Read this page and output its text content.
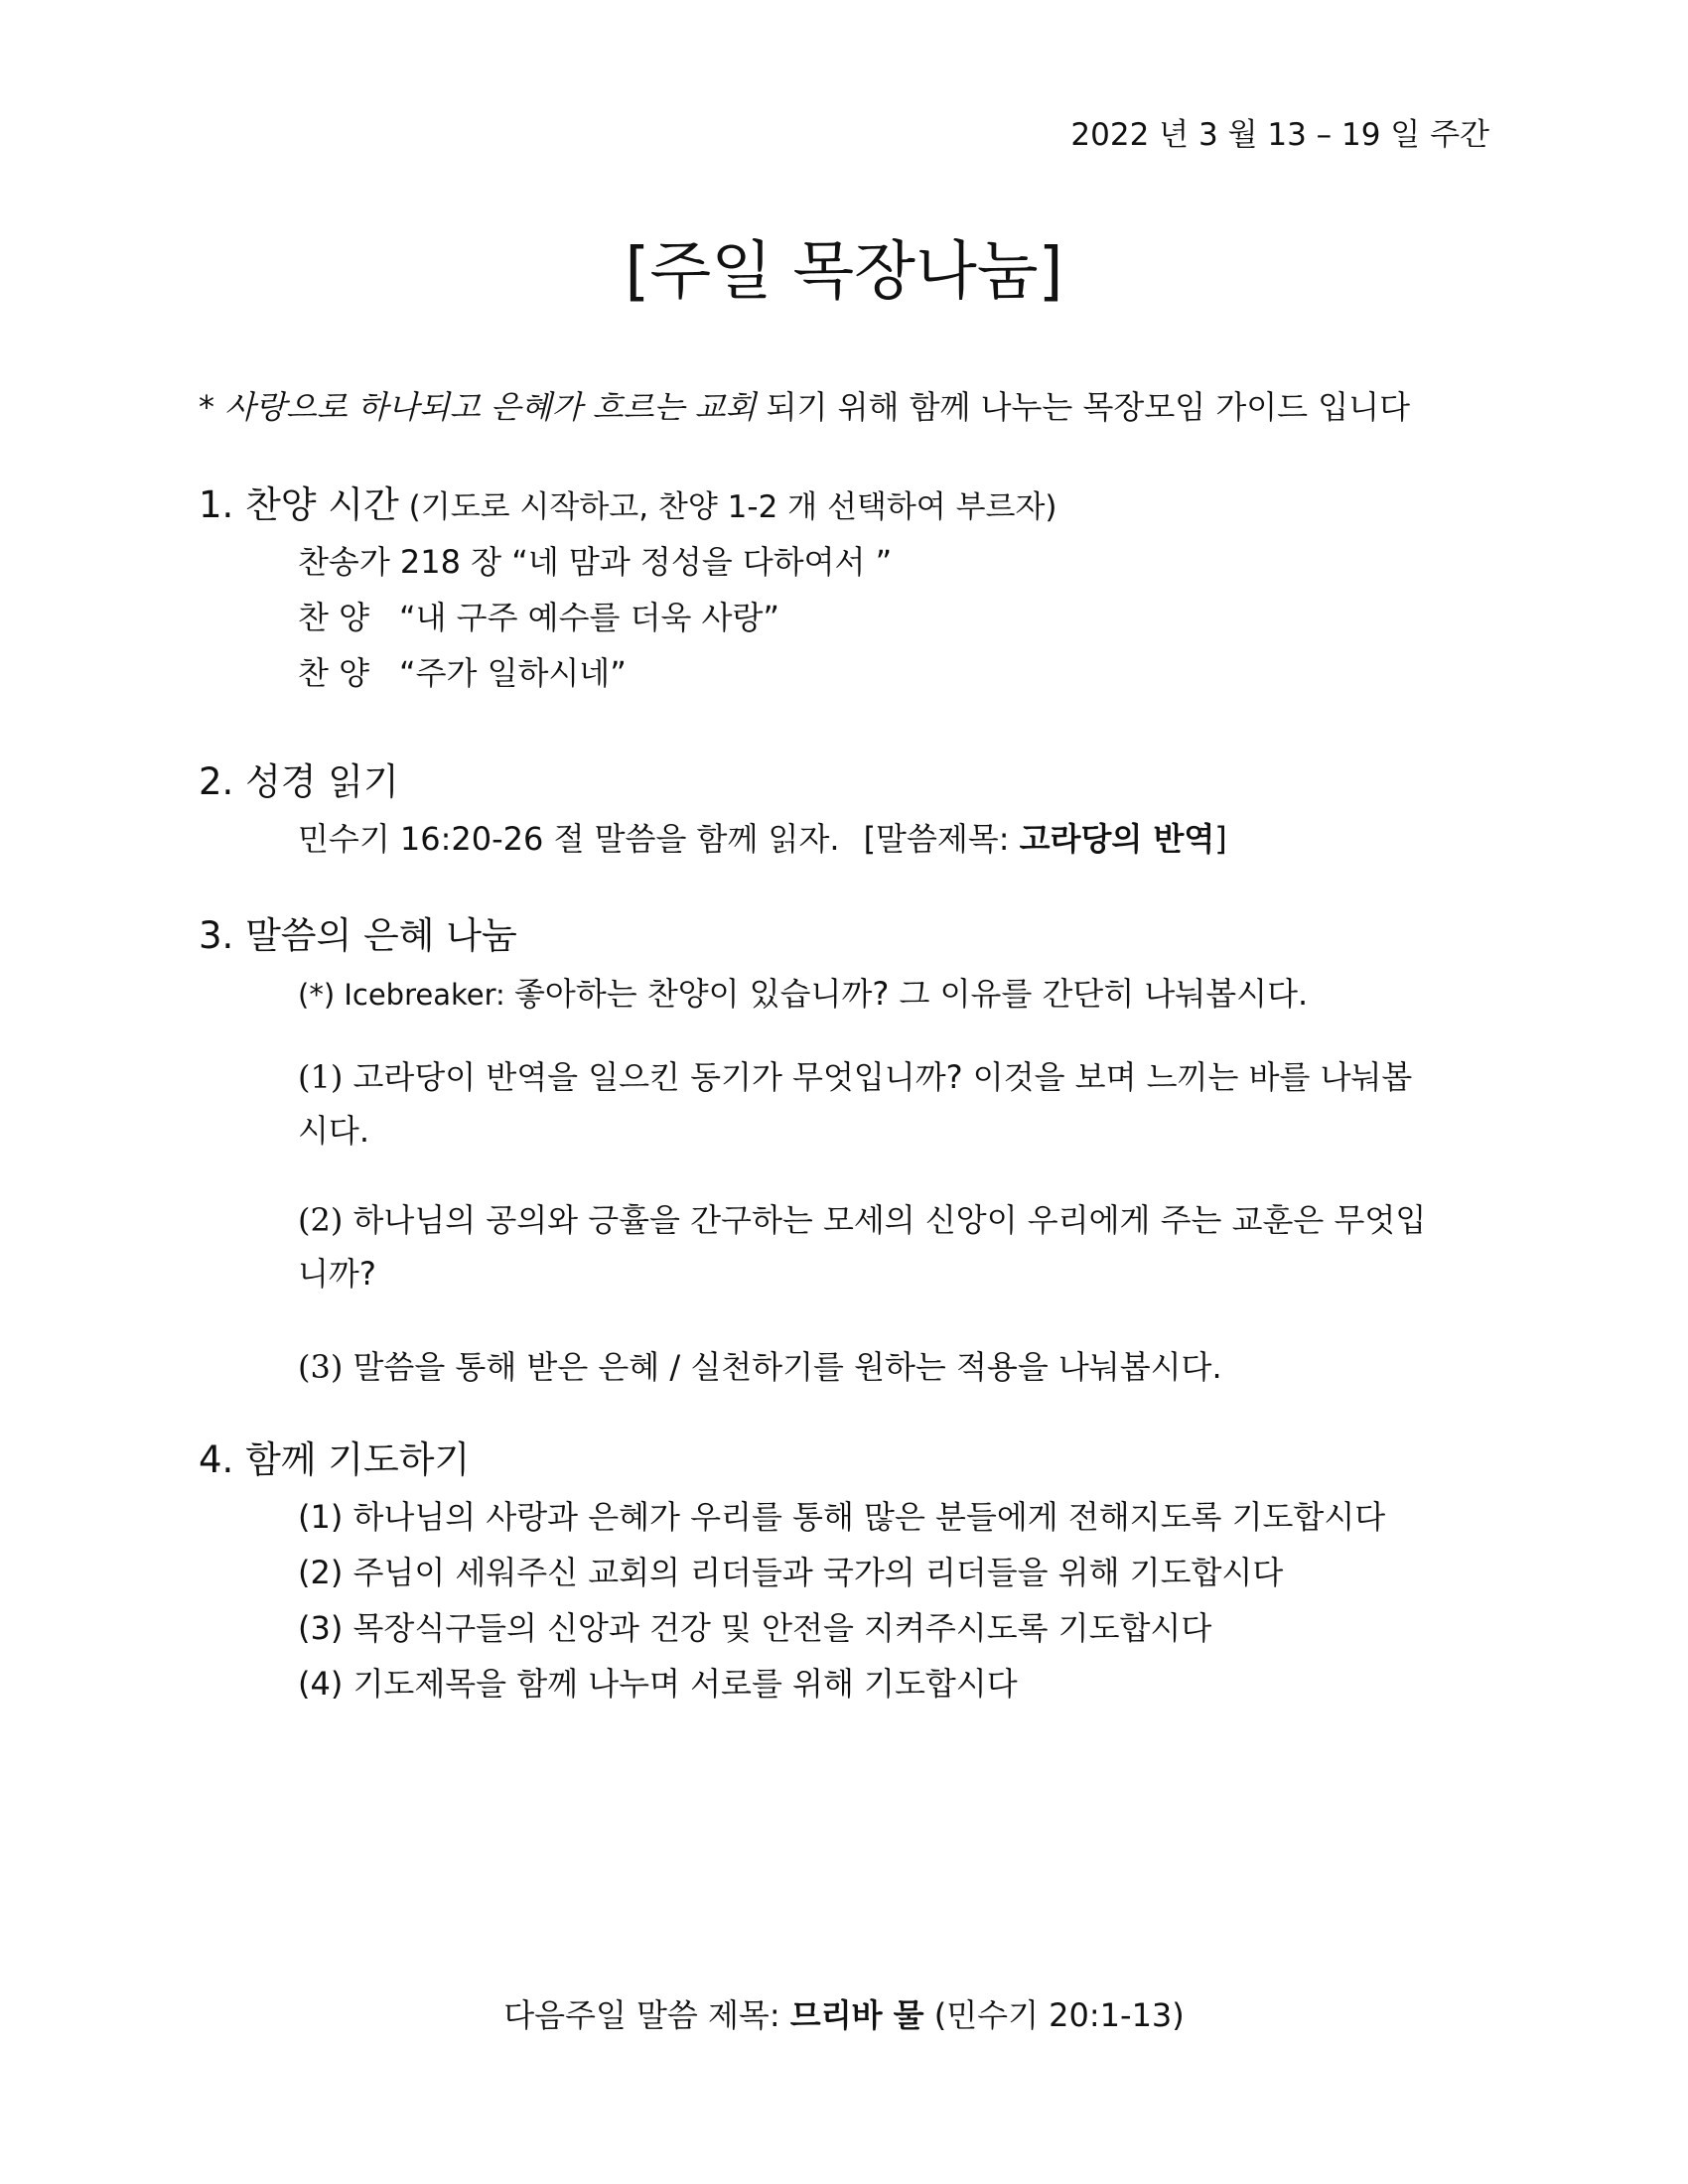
2022 년 3 월 13 – 19 일 주간
[주일 목장나눔]
* 사랑으로 하나되고 은혜가 흐르는 교회 되기 위해 함께 나누는 목장모임 가이드 입니다
1. 찬양 시간 (기도로 시작하고, 찬양 1-2 개 선택하여 부르자)
찬송가 218 장 “네 맘과 정성을 다하여서 ”
찬 양 “내 구주 예수를 더욱 사랑”
찬 양 “주가 일하시네”
2. 성경 읽기
민수기 16:20-26 절 말씀을 함께 읽자. [말씀제목: 고라당의 반역]
3. 말씀의 은혜 나눔
(*) Icebreaker: 좋아하는 찬양이 있습니까? 그 이유를 간단히 나눠봅시다.
(1) 고라당이 반역을 일으킨 동기가 무엇입니까? 이것을 보며 느끼는 바를 나눠봅시다.
(2) 하나님의 공의와 긍휼을 간구하는 모세의 신앙이 우리에게 주는 교훈은 무엇입니까?
(3) 말씀을 통해 받은 은혜 / 실천하기를 원하는 적용을 나눠봅시다.
4. 함께 기도하기
(1) 하나님의 사랑과 은혜가 우리를 통해 많은 분들에게 전해지도록 기도합시다
(2) 주님이 세워주신 교회의 리더들과 국가의 리더들을 위해 기도합시다
(3) 목장식구들의 신앙과 건강 및 안전을 지켜주시도록 기도합시다
(4) 기도제목을 함께 나누며 서로를 위해 기도합시다
다음주일 말씀 제목: 므리바 물 (민수기 20:1-13)
